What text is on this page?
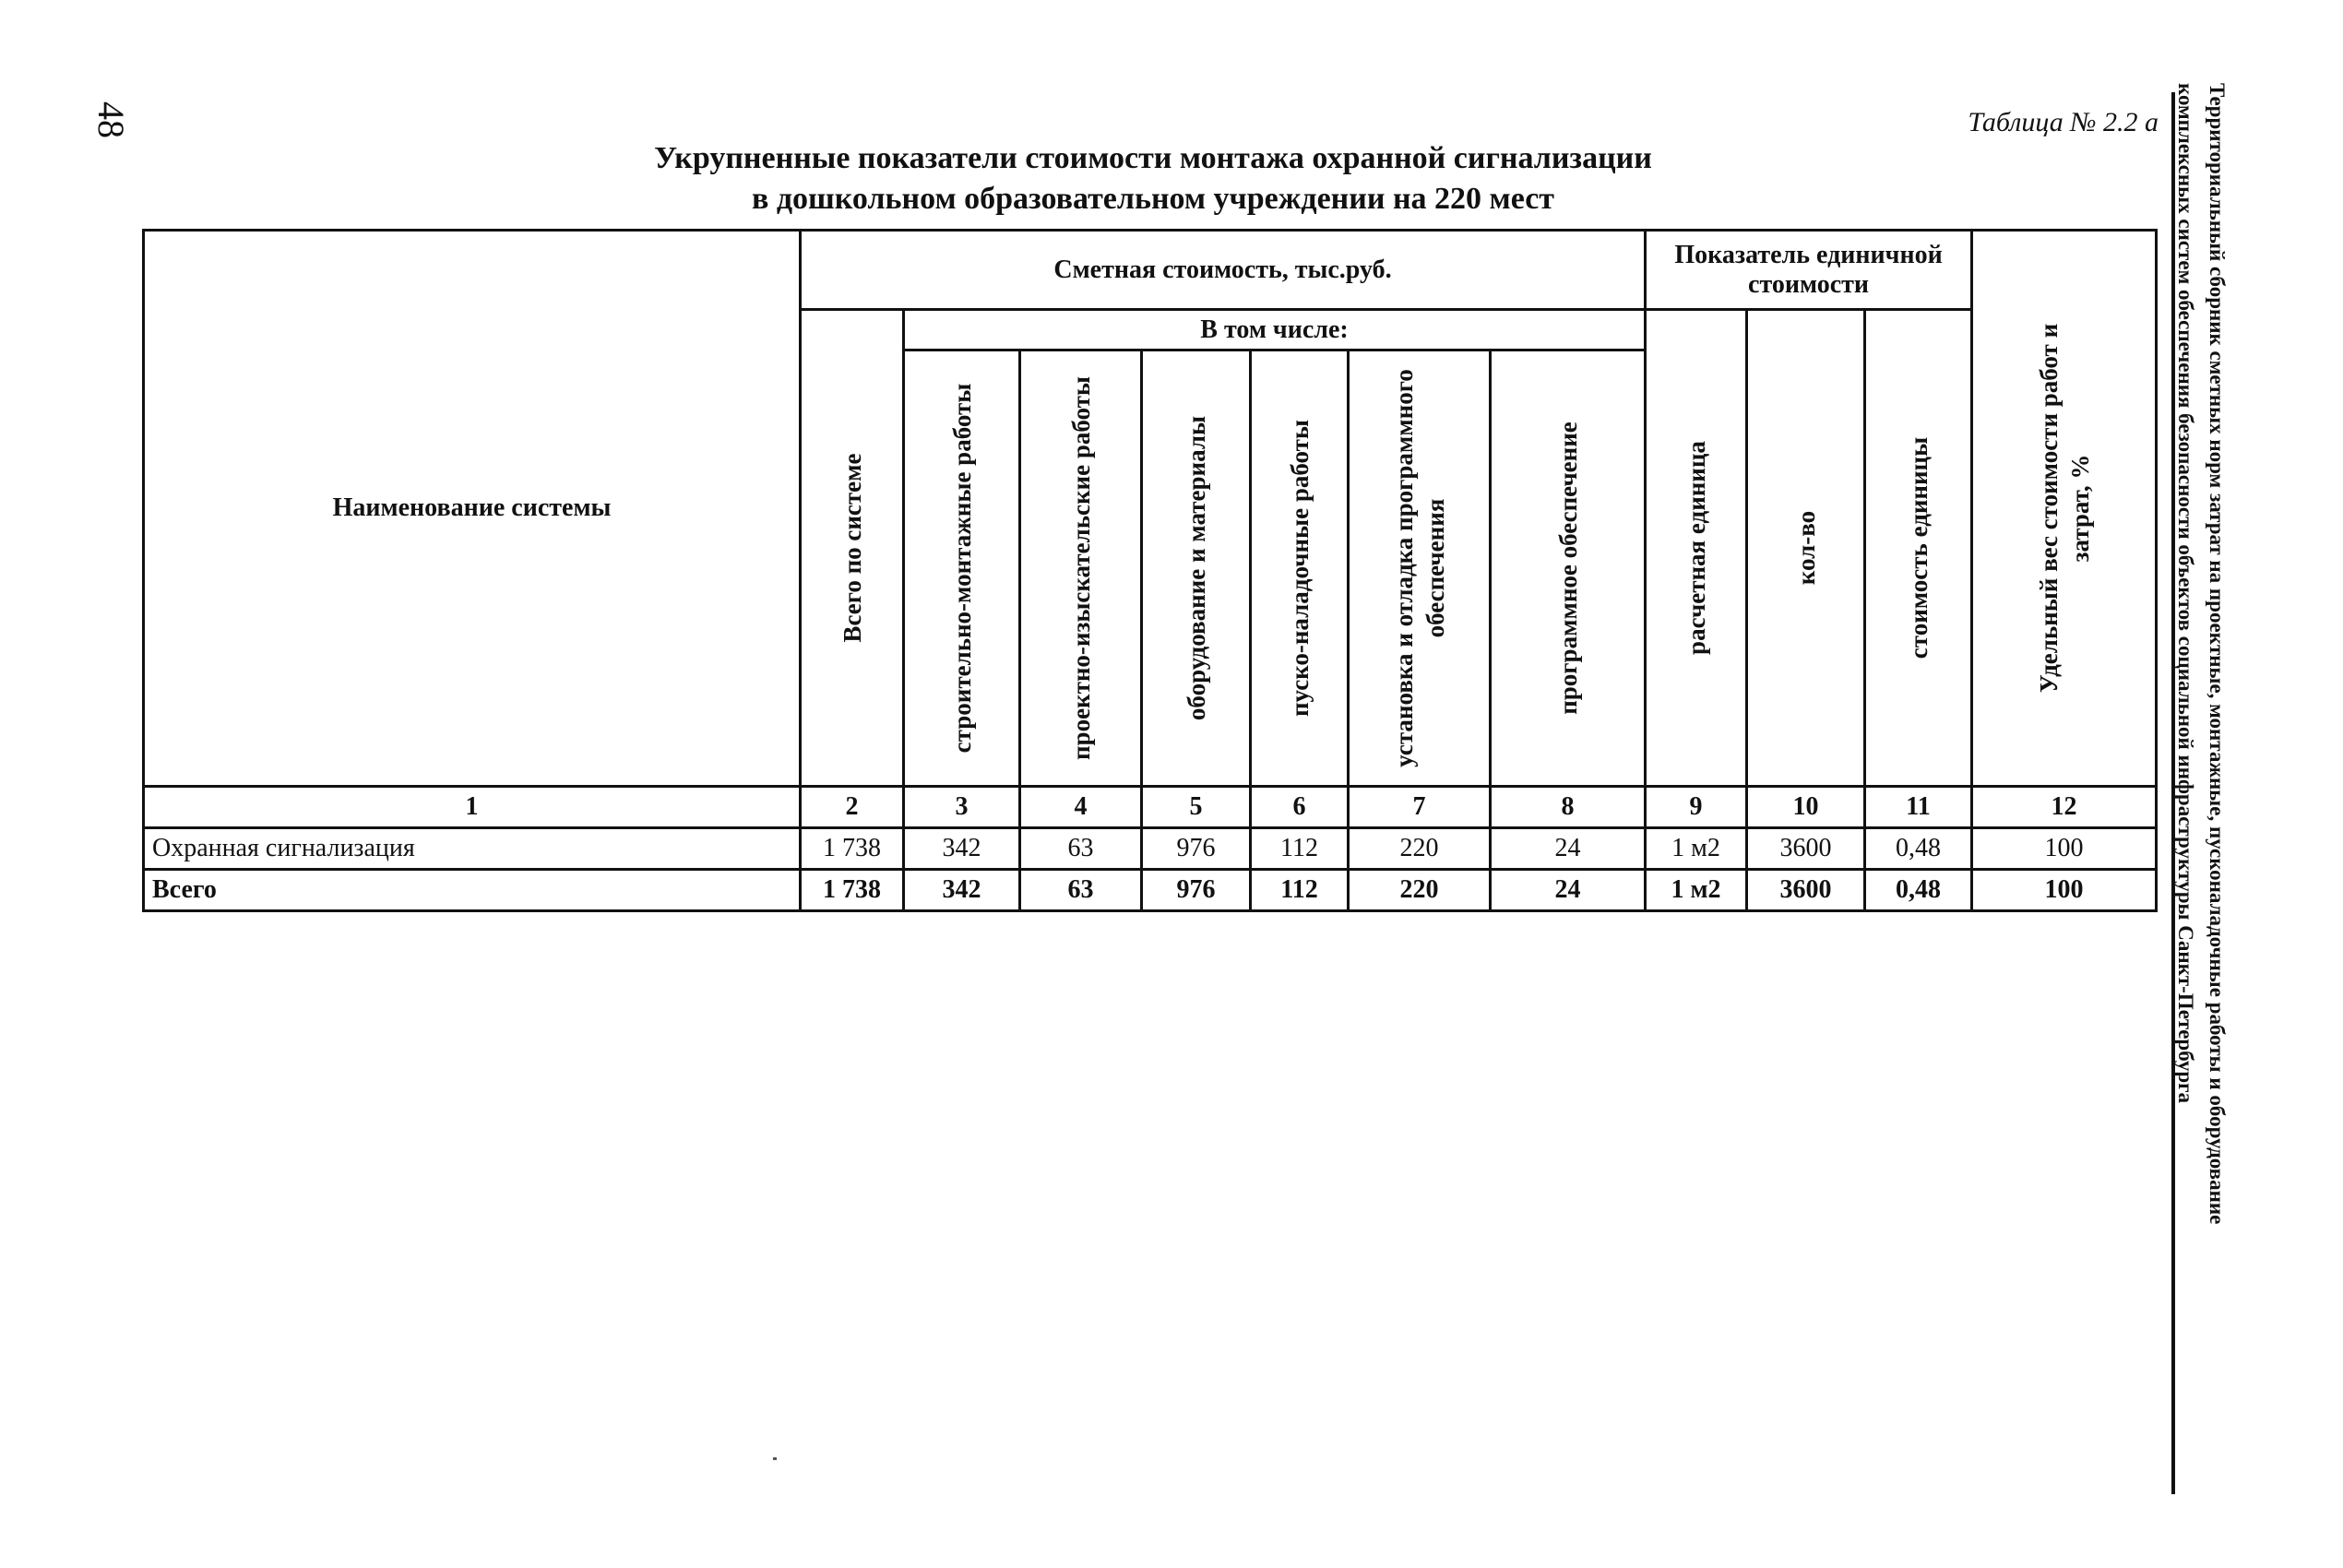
48	Таблица № 2.2 а
Укрупненные показатели стоимости монтажа охранной сигнализации
в дошкольном образовательном учреждении на 220 мест	Территориальный сборник сметных норм затрат на проектные, монтажные, пусконаладочные работы и оборудование
комплексных систем обеспечения безопасности объектов социальной инфраструктуры Санкт-Петербурга
Наименование системы	Сметная стоимость, тыс.руб.							Показатель единичной стоимости			Удельный вес стоимости работ и затрат, %

	Всего по системе	В том числе:						расчетная единица	кол-во	стоимость единицы	

		строительно-монтажные работы	проектно-изыскательские работы	оборудование и материалы	пуско-наладочные работы	установка и отладка программного обеспечения	программное обеспечение				

1	2	3	4	5	6	7	8	9	10	11	12
Охранная сигнализация	1 738	342	63	976	112	220	24	1 м2	3600	0,48	100
Всего	1 738	342	63	976	112	220	24	1 м2	3600	0,48	100
